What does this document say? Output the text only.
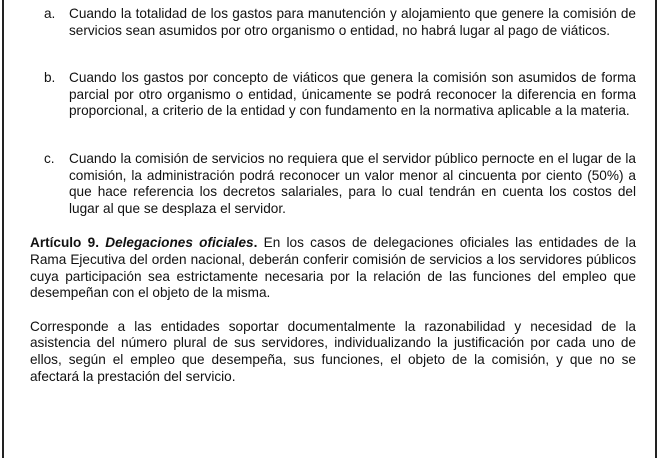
a.	Cuando la totalidad de los gastos para manutención y alojamiento que genere la comisión de servicios sean asumidos por otro organismo o entidad, no habrá lugar al pago de viáticos.
b.	Cuando los gastos por concepto de viáticos que genera la comisión son asumidos de forma parcial por otro organismo o entidad, únicamente se podrá reconocer la diferencia en forma proporcional, a criterio de la entidad y con fundamento en la normativa aplicable a la materia.
c.	Cuando la comisión de servicios no requiera que el servidor público pernocte en el lugar de la comisión, la administración podrá reconocer un valor menor al cincuenta por ciento (50%) a que hace referencia los decretos salariales, para lo cual tendrán en cuenta los costos del lugar al que se desplaza el servidor.

Artículo 9. Delegaciones oficiales. En los casos de delegaciones oficiales las entidades de la Rama Ejecutiva del orden nacional, deberán conferir comisión de servicios a los servidores públicos cuya participación sea estrictamente necesaria por la relación de las funciones del empleo que desempeñan con el objeto de la misma.

Corresponde a las entidades soportar documentalmente la razonabilidad y necesidad de la asistencia del número plural de sus servidores, individualizando la justificación por cada uno de ellos, según el empleo que desempeña, sus funciones, el objeto de la comisión, y que no se afectará la prestación del servicio.
